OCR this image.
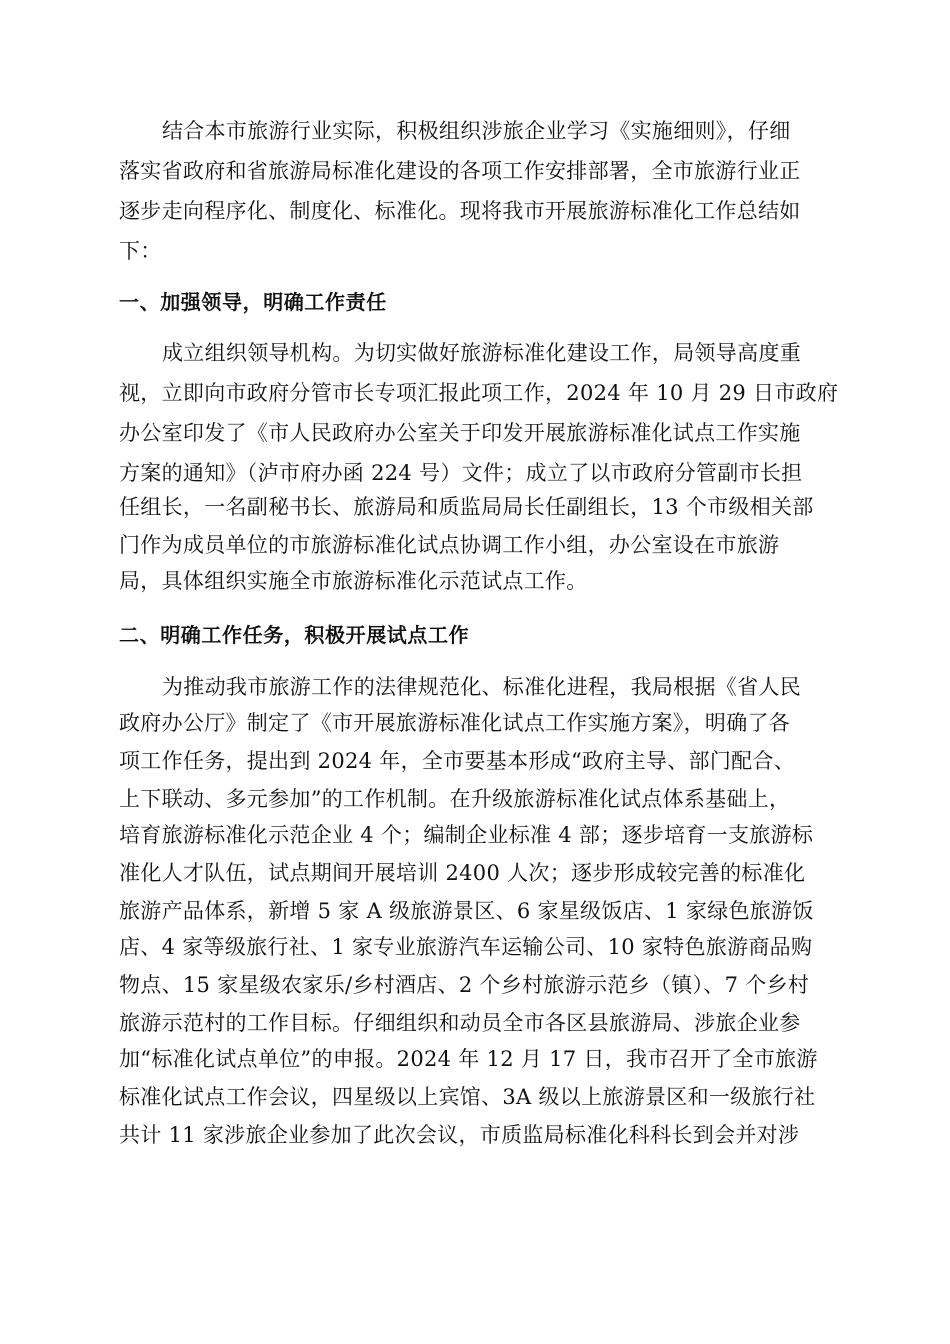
结合本市旅游行业实际，积极组织涉旅企业学习《实施细则》，仔细

落实省政府和省旅游局标准化建设的各项工作安排部署，全市旅游行业正

逐步走向程序化、制度化、标准化。现将我市开展旅游标准化工作总结如

下：

一、加强领导，明确工作责任

成立组织领导机构。为切实做好旅游标准化建设工作，局领导高度重

视，立即向市政府分管市长专项汇报此项工作，2024 年 10 月 29 日市政府

办公室印发了《市人民政府办公室关于印发开展旅游标准化试点工作实施

方案的通知》（泸市府办函 224 号）文件；成立了以市政府分管副市长担

任组长，一名副秘书长、旅游局和质监局局长任副组长，13 个市级相关部

门作为成员单位的市旅游标准化试点协调工作小组，办公室设在市旅游

局，具体组织实施全市旅游标准化示范试点工作。

二、明确工作任务，积极开展试点工作

为推动我市旅游工作的法律规范化、标准化进程，我局根据《省人民

政府办公厅》制定了《市开展旅游标准化试点工作实施方案》，明确了各

项工作任务，提出到 2024 年，全市要基本形成“政府主导、部门配合、

上下联动、多元参加”的工作机制。在升级旅游标准化试点体系基础上，

培育旅游标准化示范企业 4 个；编制企业标准 4 部；逐步培育一支旅游标

准化人才队伍，试点期间开展培训 2400 人次；逐步形成较完善的标准化

旅游产品体系，新增 5 家 A 级旅游景区、6 家星级饭店、1 家绿色旅游饭

店、4 家等级旅行社、1 家专业旅游汽车运输公司、10 家特色旅游商品购

物点、15 家星级农家乐/乡村酒店、2 个乡村旅游示范乡（镇）、7 个乡村

旅游示范村的工作目标。仔细组织和动员全市各区县旅游局、涉旅企业参

加“标准化试点单位”的申报。2024 年 12 月 17 日，我市召开了全市旅游

标准化试点工作会议，四星级以上宾馆、3A 级以上旅游景区和一级旅行社

共计 11 家涉旅企业参加了此次会议，市质监局标准化科科长到会并对涉
